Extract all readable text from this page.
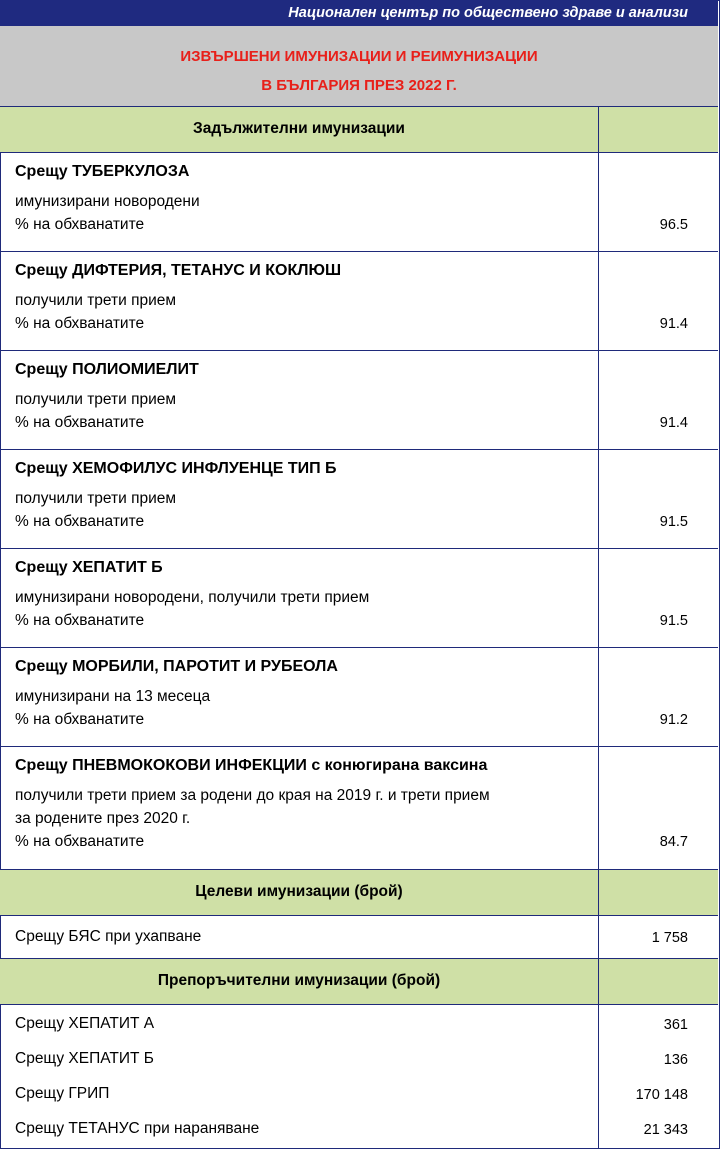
Национален център по обществено здраве и анализи
ИЗВЪРШЕНИ ИМУНИЗАЦИИ И РЕИМУНИЗАЦИИ
В БЪЛГАРИЯ ПРЕЗ 2022 Г.
Задължителни имунизации
Срещу ТУБЕРКУЛОЗА
имунизирани новородени
% на обхванатите	96.5
Срещу ДИФТЕРИЯ, ТЕТАНУС И КОКЛЮШ
получили трети прием
% на обхванатите	91.4
Срещу ПОЛИОМИЕЛИТ
получили трети прием
% на обхванатите	91.4
Срещу ХЕМОФИЛУС ИНФЛУЕНЦЕ ТИП Б
получили трети прием
% на обхванатите	91.5
Срещу ХЕПАТИТ Б
имунизирани новородени, получили трети прием
% на обхванатите	91.5
Срещу МОРБИЛИ, ПАРОТИТ И РУБЕОЛА
имунизирани на 13 месеца
% на обхванатите	91.2
Срещу ПНЕВМОКОКОВИ ИНФЕКЦИИ с конюгирана ваксина
получили трети прием за родени до края на 2019 г. и трети прием
за родените през 2020 г.
% на обхванатите	84.7
Целеви имунизации (брой)
Срещу БЯС при ухапване	1 758
Препоръчителни имунизации (брой)
Срещу ХЕПАТИТ А	361
Срещу ХЕПАТИТ Б	136
Срещу ГРИП	170 148
Срещу ТЕТАНУС при нараняване	21 343
